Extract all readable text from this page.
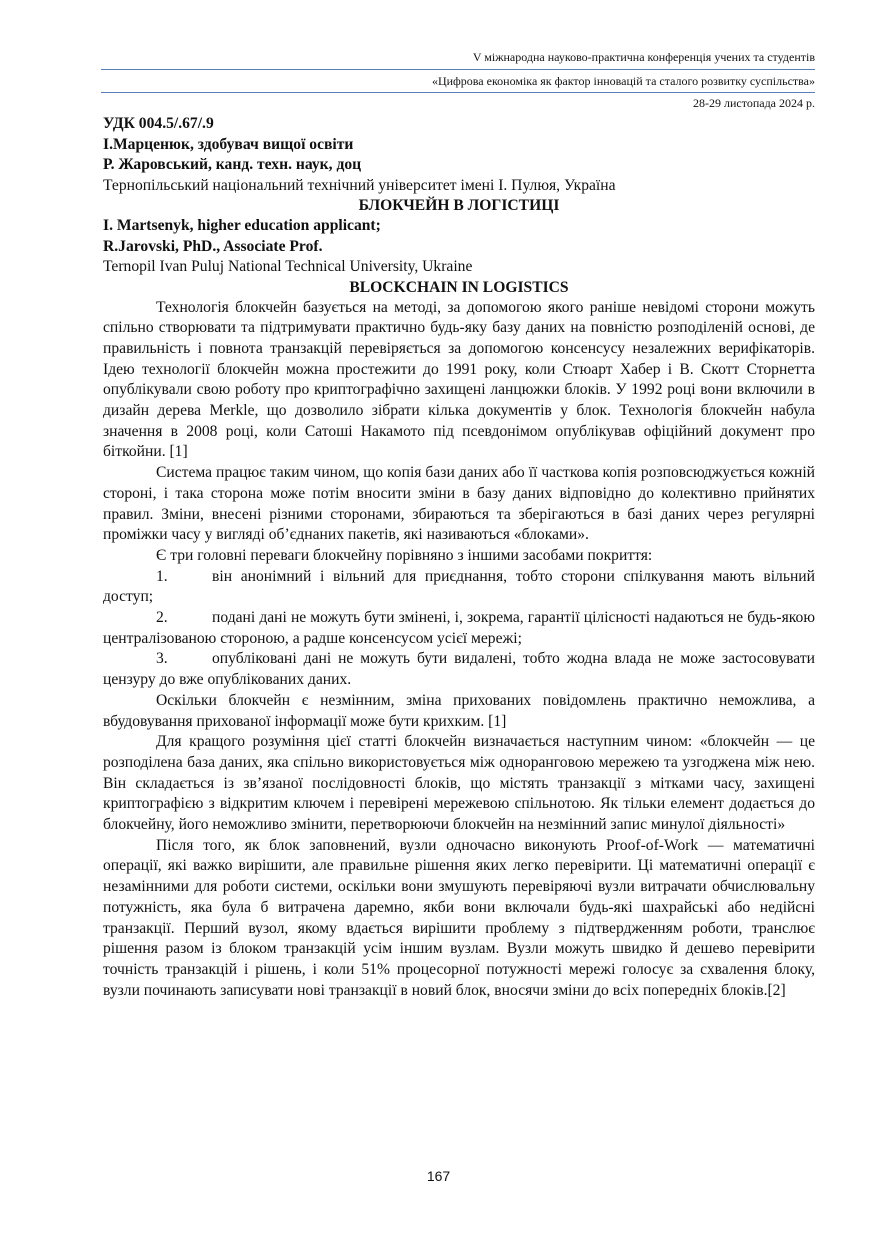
V міжнародна науково-практична конференція учених та студентів
«Цифрова економіка як фактор інновацій та сталого розвитку суспільства»
28-29 листопада 2024 р.

УДК 004.5/.67/.9

І.Марценюк, здобувач вищої освіти

Р. Жаровський, канд. техн. наук, доц

Тернопільський національний технічний університет імені І. Пулюя, Україна

БЛОКЧЕЙН В ЛОГІСТИЦІ

I. Martsenyk, higher education applicant;

R.Jarovski, PhD., Associate Prof.

Ternopil Ivan Puluj National Technical University, Ukraine

BLOCKCHAIN IN LOGISTICS

Технологія блокчейн базується на методі, за допомогою якого раніше невідомі сторони можуть спільно створювати та підтримувати практично будь-яку базу даних на повністю розподіленій основі, де правильність і повнота транзакцій перевіряється за допомогою консенсусу незалежних верифікаторів. Ідею технології блокчейн можна простежити до 1991 року, коли Стюарт Хабер і В. Скотт Сторнетта опублікували свою роботу про криптографічно захищені ланцюжки блоків. У 1992 році вони включили в дизайн дерева Merkle, що дозволило зібрати кілька документів у блок. Технологія блокчейн набула значення в 2008 році, коли Сатоші Накамото під псевдонімом опублікував офіційний документ про біткойни. [1]

Система працює таким чином, що копія бази даних або її часткова копія розповсюджується кожній стороні, і така сторона може потім вносити зміни в базу даних відповідно до колективно прийнятих правил. Зміни, внесені різними сторонами, збираються та зберігаються в базі даних через регулярні проміжки часу у вигляді об’єднаних пакетів, які називаються «блоками».

Є три головні переваги блокчейну порівняно з іншими засобами покриття:

1.	він анонімний і вільний для приєднання, тобто сторони спілкування мають вільний доступ;

2.	подані дані не можуть бути змінені, і, зокрема, гарантії цілісності надаються не будь-якою централізованою стороною, а радше консенсусом усієї мережі;

3.	опубліковані дані не можуть бути видалені, тобто жодна влада не може застосовувати цензуру до вже опублікованих даних.

Оскільки блокчейн є незмінним, зміна прихованих повідомлень практично неможлива, а вбудовування прихованої інформації може бути крихким. [1]

Для кращого розуміння цієї статті блокчейн визначається наступним чином: «блокчейн — це розподілена база даних, яка спільно використовується між одноранговою мережею та узгоджена між нею. Він складається із зв’язаної послідовності блоків, що містять транзакції з мітками часу, захищені криптографією з відкритим ключем і перевірені мережевою спільнотою. Як тільки елемент додається до блокчейну, його неможливо змінити, перетворюючи блокчейн на незмінний запис минулої діяльності»

Після того, як блок заповнений, вузли одночасно виконують Proof-of-Work — математичні операції, які важко вирішити, але правильне рішення яких легко перевірити. Ці математичні операції є незамінними для роботи системи, оскільки вони змушують перевіряючі вузли витрачати обчислювальну потужність, яка була б витрачена даремно, якби вони включали будь-які шахрайські або недійсні транзакції. Перший вузол, якому вдається вирішити проблему з підтвердженням роботи, транслює рішення разом із блоком транзакцій усім іншим вузлам. Вузли можуть швидко й дешево перевірити точність транзакцій і рішень, і коли 51% процесорної потужності мережі голосує за схвалення блоку, вузли починають записувати нові транзакції в новий блок, вносячи зміни до всіх попередніх блоків.[2]

167
